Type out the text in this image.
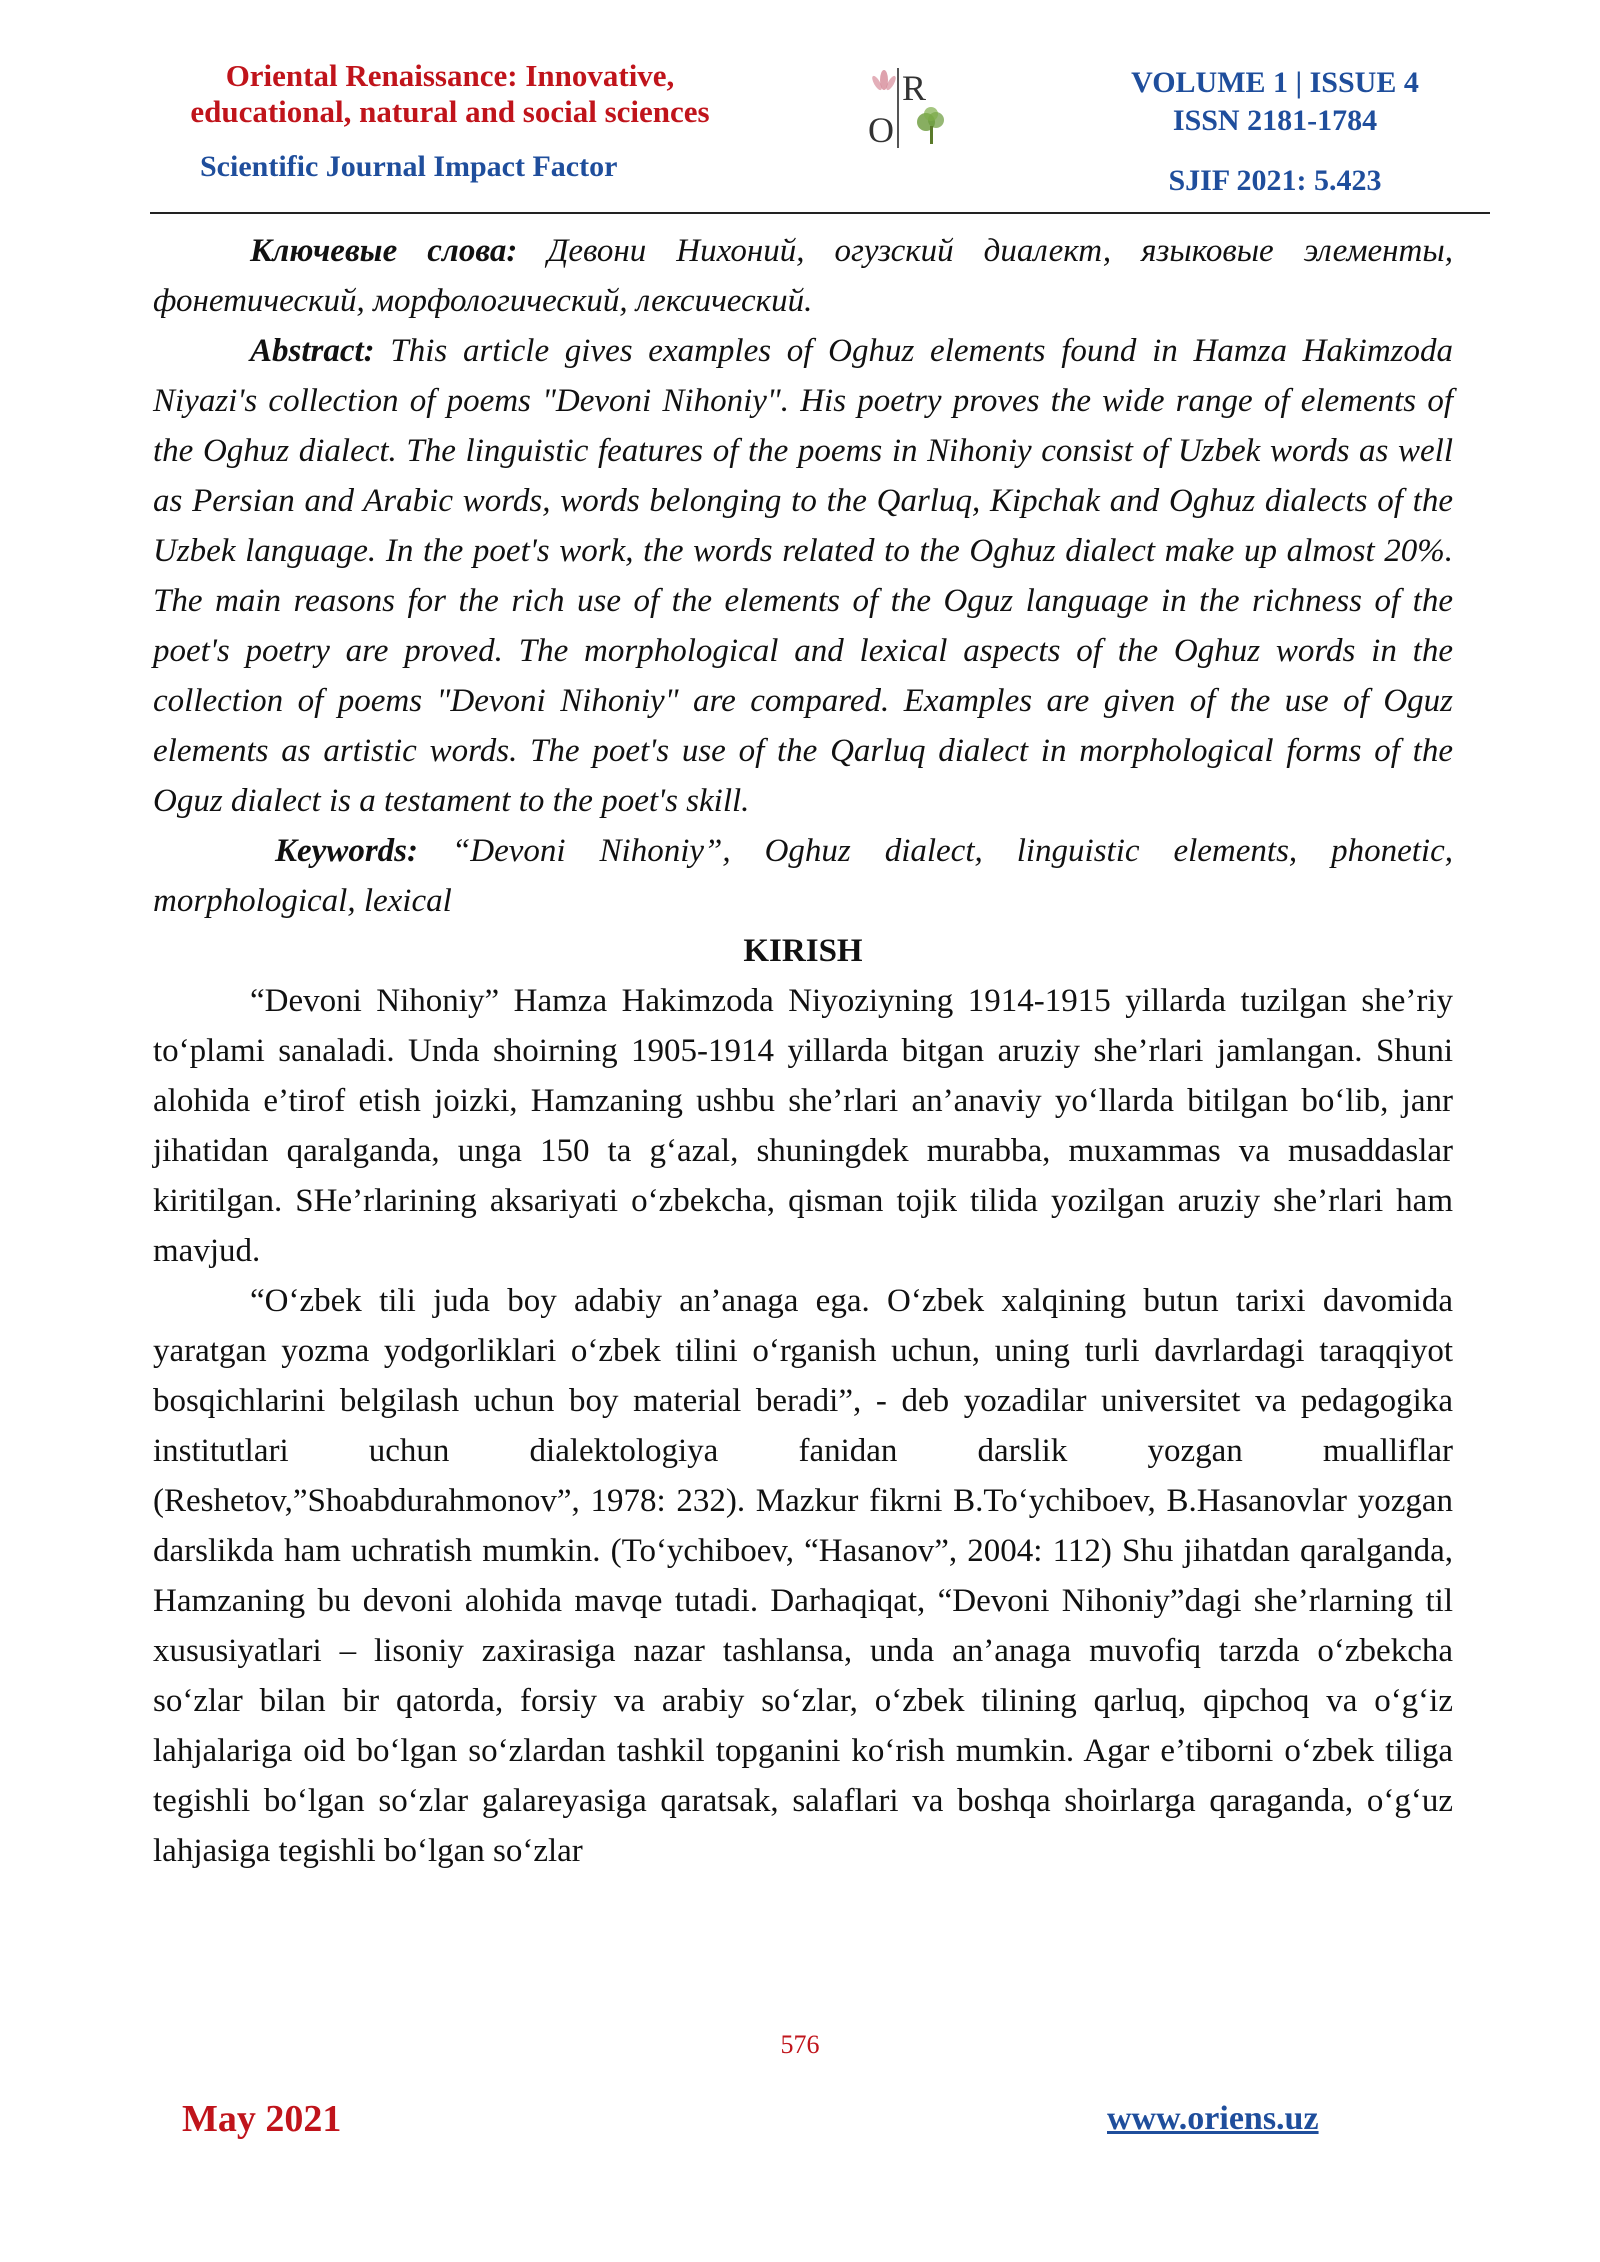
Oriental Renaissance: Innovative,
educational, natural and social sciences
Scientific Journal Impact Factor
R
O
VOLUME 1 | ISSUE 4
ISSN 2181-1784
SJIF 2021: 5.423

Ключевые слова: Девони Нихоний, огузский диалект, языковые элементы, фонетический, морфологический, лексический.

Abstract: This article gives examples of Oghuz elements found in Hamza Hakimzoda Niyazi's collection of poems "Devoni Nihoniy". His poetry proves the wide range of elements of the Oghuz dialect. The linguistic features of the poems in Nihoniy consist of Uzbek words as well as Persian and Arabic words, words belonging to the Qarluq, Kipchak and Oghuz dialects of the Uzbek language. In the poet's work, the words related to the Oghuz dialect make up almost 20%. The main reasons for the rich use of the elements of the Oguz language in the richness of the poet's poetry are proved. The morphological and lexical aspects of the Oghuz words in the collection of poems "Devoni Nihoniy" are compared. Examples are given of the use of Oguz elements as artistic words. The poet's use of the Qarluq dialect in morphological forms of the Oguz dialect is a testament to the poet's skill.

Keywords: “Devoni Nihoniy”, Oghuz dialect, linguistic elements, phonetic, morphological, lexical

KIRISH

“Devoni Nihoniy” Hamza Hakimzoda Niyoziyning 1914-1915 yillarda tuzilgan she’riy to‘plami sanaladi. Unda shoirning 1905-1914 yillarda bitgan aruziy she’rlari jamlangan. Shuni alohida e’tirof etish joizki, Hamzaning ushbu she’rlari an’anaviy yo‘llarda bitilgan bo‘lib, janr jihatidan qaralganda, unga 150 ta g‘azal, shuningdek murabba, muxammas va musaddaslar kiritilgan. SHe’rlarining aksariyati o‘zbekcha, qisman tojik tilida yozilgan aruziy she’rlari ham mavjud.

“O‘zbek tili juda boy adabiy an’anaga ega. O‘zbek xalqining butun tarixi davomida yaratgan yozma yodgorliklari o‘zbek tilini o‘rganish uchun, uning turli davrlardagi taraqqiyot bosqichlarini belgilash uchun boy material beradi”, - deb yozadilar universitet va pedagogika institutlari uchun dialektologiya fanidan darslik yozgan mualliflar (Reshetov,”Shoabdurahmonov”, 1978: 232). Mazkur fikrni B.To‘ychiboev, B.Hasanovlar yozgan darslikda ham uchratish mumkin. (To‘ychiboev, “Hasanov”, 2004: 112) Shu jihatdan qaralganda, Hamzaning bu devoni alohida mavqe tutadi. Darhaqiqat, “Devoni Nihoniy”dagi she’rlarning til xususiyatlari – lisoniy zaxirasiga nazar tashlansa, unda an’anaga muvofiq tarzda o‘zbekcha so‘zlar bilan bir qatorda, forsiy va arabiy so‘zlar, o‘zbek tilining qarluq, qipchoq va o‘g‘iz lahjalariga oid bo‘lgan so‘zlardan tashkil topganini ko‘rish mumkin. Agar e’tiborni o‘zbek tiliga tegishli bo‘lgan so‘zlar galareyasiga qaratsak, salaflari va boshqa shoirlarga qaraganda, o‘g‘uz lahjasiga tegishli bo‘lgan so‘zlar

576
May 2021	www.oriens.uz
